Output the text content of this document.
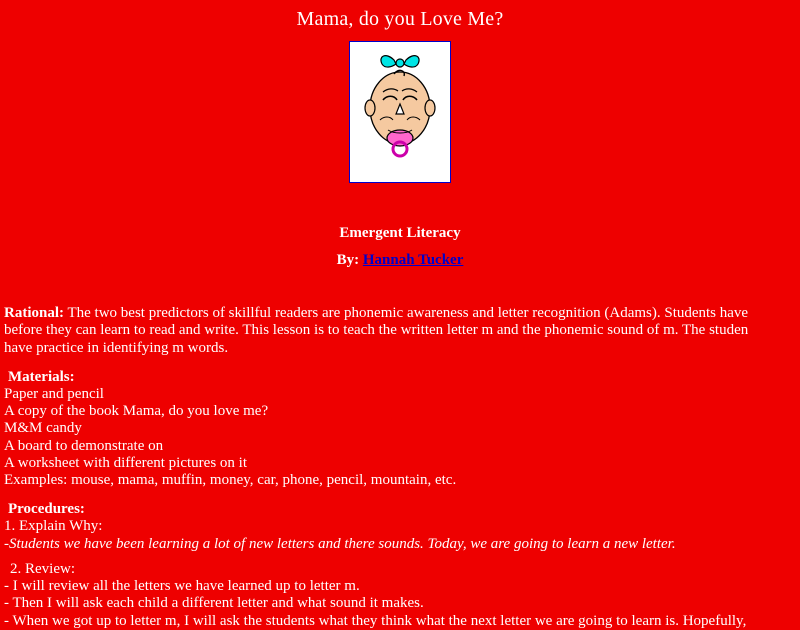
Mama, do you Love Me?
Emergent Literacy
By: Hannah Tucker
Rational: The two best predictors of skillful readers are phonemic awareness and letter recognition (Adams). Students have
before they can learn to read and write. This lesson is to teach the written letter m and the phonemic sound of m. The studen
have practice in identifying m words.
Materials:
Paper and pencil
A copy of the book Mama, do you love me?
M&M candy
A board to demonstrate on
A worksheet with different pictures on it
Examples: mouse, mama, muffin, money, car, phone, pencil, mountain, etc.
Procedures:
1. Explain Why:
-Students we have been learning a lot of new letters and there sounds. Today, we are going to learn a new letter.
2. Review:
- I will review all the letters we have learned up to letter m.
- Then I will ask each child a different letter and what sound it makes.
- When we got up to letter m, I will ask the students what they think what the next letter we are going to learn is. Hopefully,
